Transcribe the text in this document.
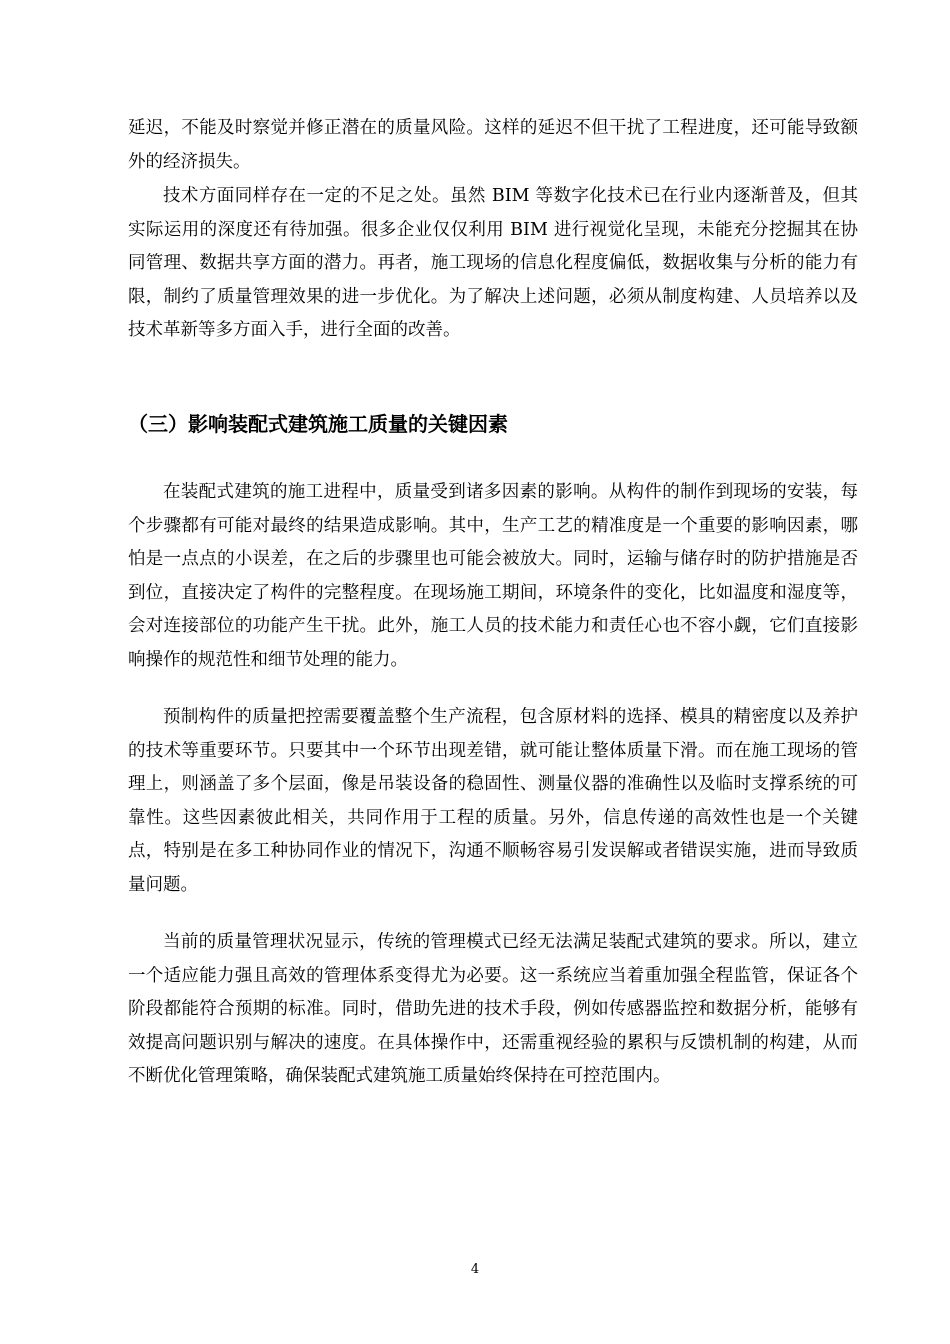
延迟，不能及时察觉并修正潜在的质量风险。这样的延迟不但干扰了工程进度，还可能导致额外的经济损失。

技术方面同样存在一定的不足之处。虽然 BIM 等数字化技术已在行业内逐渐普及，但其实际运用的深度还有待加强。很多企业仅仅利用 BIM 进行视觉化呈现，未能充分挖掘其在协同管理、数据共享方面的潜力。再者，施工现场的信息化程度偏低，数据收集与分析的能力有限，制约了质量管理效果的进一步优化。为了解决上述问题，必须从制度构建、人员培养以及技术革新等多方面入手，进行全面的改善。

（三）影响装配式建筑施工质量的关键因素

在装配式建筑的施工进程中，质量受到诸多因素的影响。从构件的制作到现场的安装，每个步骤都有可能对最终的结果造成影响。其中，生产工艺的精准度是一个重要的影响因素，哪怕是一点点的小误差，在之后的步骤里也可能会被放大。同时，运输与储存时的防护措施是否到位，直接决定了构件的完整程度。在现场施工期间，环境条件的变化，比如温度和湿度等，会对连接部位的功能产生干扰。此外，施工人员的技术能力和责任心也不容小觑，它们直接影响操作的规范性和细节处理的能力。

预制构件的质量把控需要覆盖整个生产流程，包含原材料的选择、模具的精密度以及养护的技术等重要环节。只要其中一个环节出现差错，就可能让整体质量下滑。而在施工现场的管理上，则涵盖了多个层面，像是吊装设备的稳固性、测量仪器的准确性以及临时支撑系统的可靠性。这些因素彼此相关，共同作用于工程的质量。另外，信息传递的高效性也是一个关键点，特别是在多工种协同作业的情况下，沟通不顺畅容易引发误解或者错误实施，进而导致质量问题。

当前的质量管理状况显示，传统的管理模式已经无法满足装配式建筑的要求。所以，建立一个适应能力强且高效的管理体系变得尤为必要。这一系统应当着重加强全程监管，保证各个阶段都能符合预期的标准。同时，借助先进的技术手段，例如传感器监控和数据分析，能够有效提高问题识别与解决的速度。在具体操作中，还需重视经验的累积与反馈机制的构建，从而不断优化管理策略，确保装配式建筑施工质量始终保持在可控范围内。

4
